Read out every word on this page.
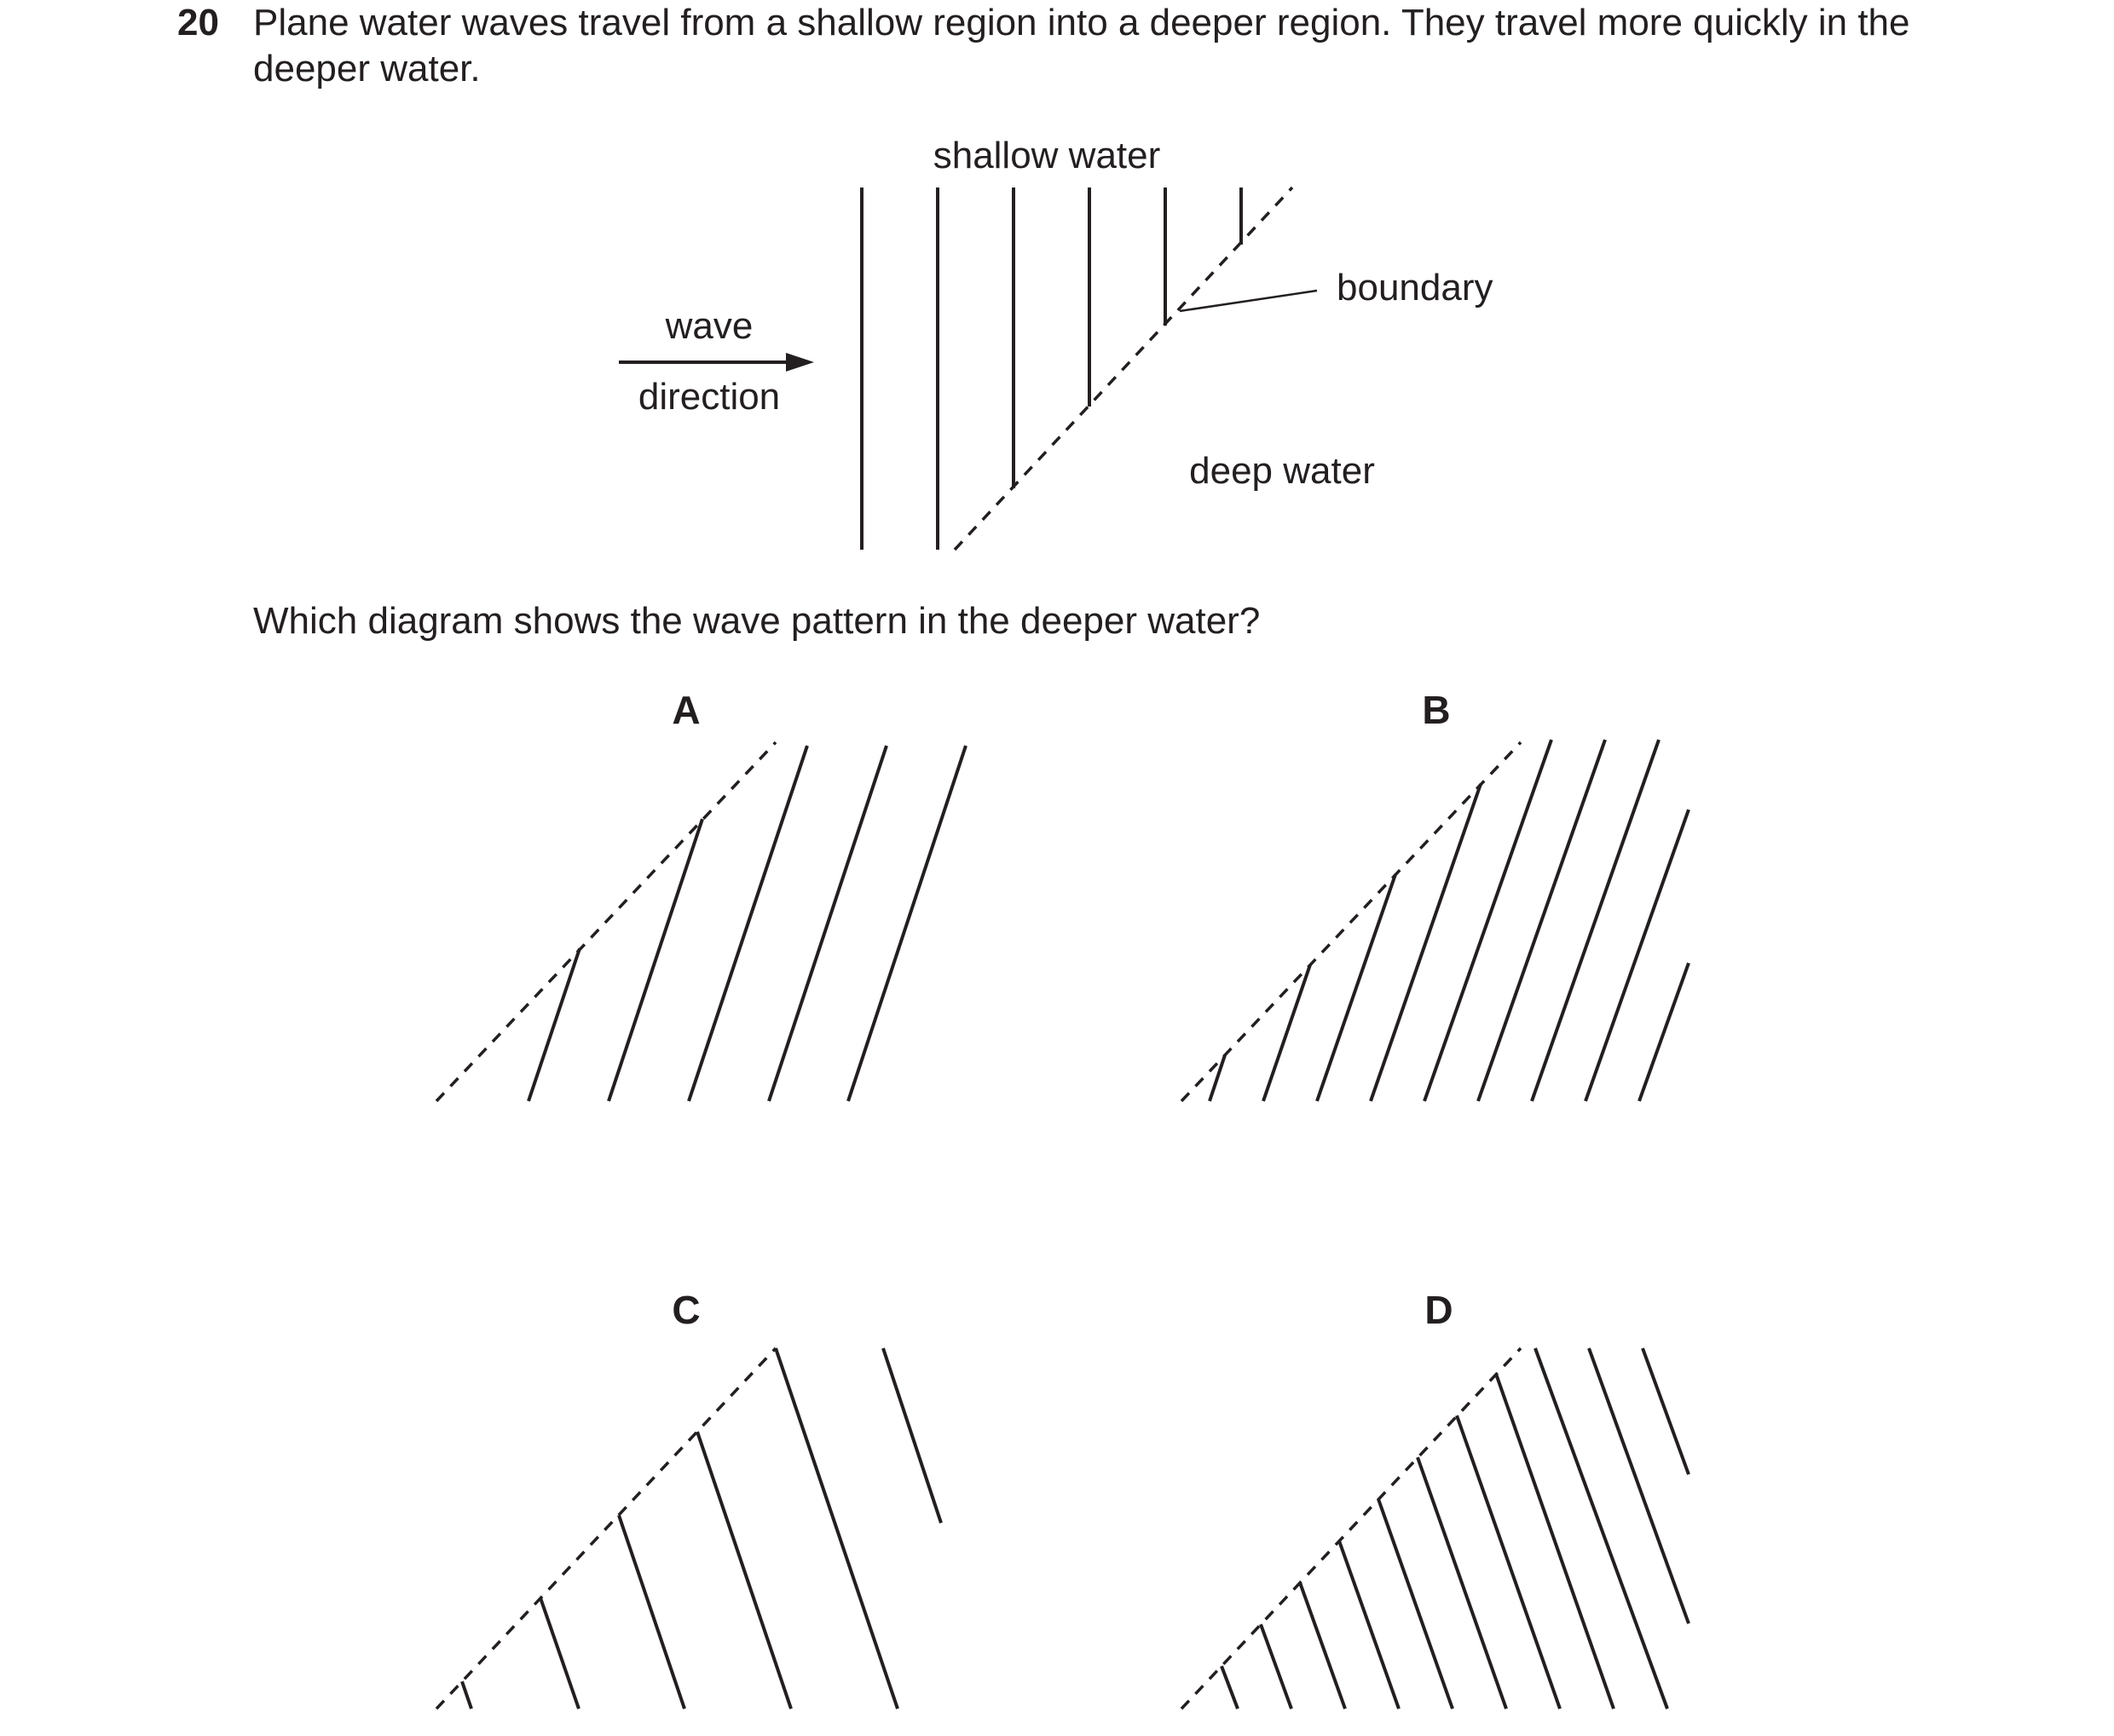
20 Plane water waves travel from a shallow region into a deeper region. They travel more quickly in the deeper water.
Which diagram shows the wave pattern in the deeper water?
shallow water
boundary
wave
direction
deep water
A	B
C	D
